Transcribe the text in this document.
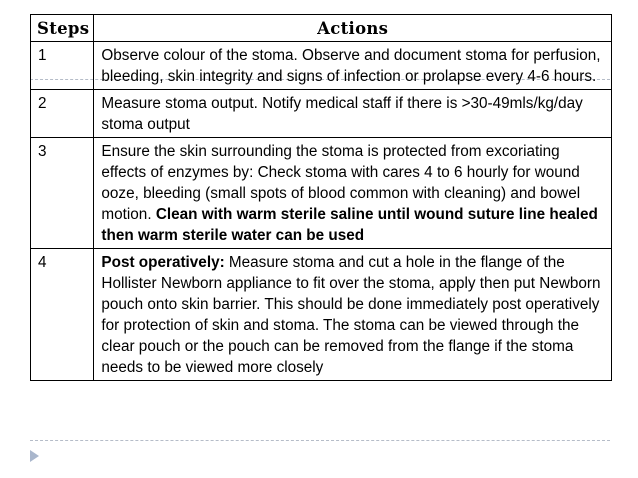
Steps	Actions
1	Observe colour of the stoma. Observe and document stoma for perfusion, bleeding, skin integrity and signs of infection or prolapse every 4-6 hours.
2	Measure stoma output. Notify medical staff if there is >30-49mls/kg/day stoma output
3	Ensure the skin surrounding the stoma is protected from excoriating effects of enzymes by: Check stoma with cares 4 to 6 hourly for wound ooze, bleeding (small spots of blood common with cleaning) and bowel motion. Clean with warm sterile saline until wound suture line healed then warm sterile water can be used
4	Post operatively: Measure stoma and cut a hole in the flange of the Hollister Newborn appliance to fit over the stoma, apply then put Newborn pouch onto skin barrier. This should be done immediately post operatively for protection of skin and stoma. The stoma can be viewed through the clear pouch or the pouch can be removed from the flange if the stoma needs to be viewed more closely
